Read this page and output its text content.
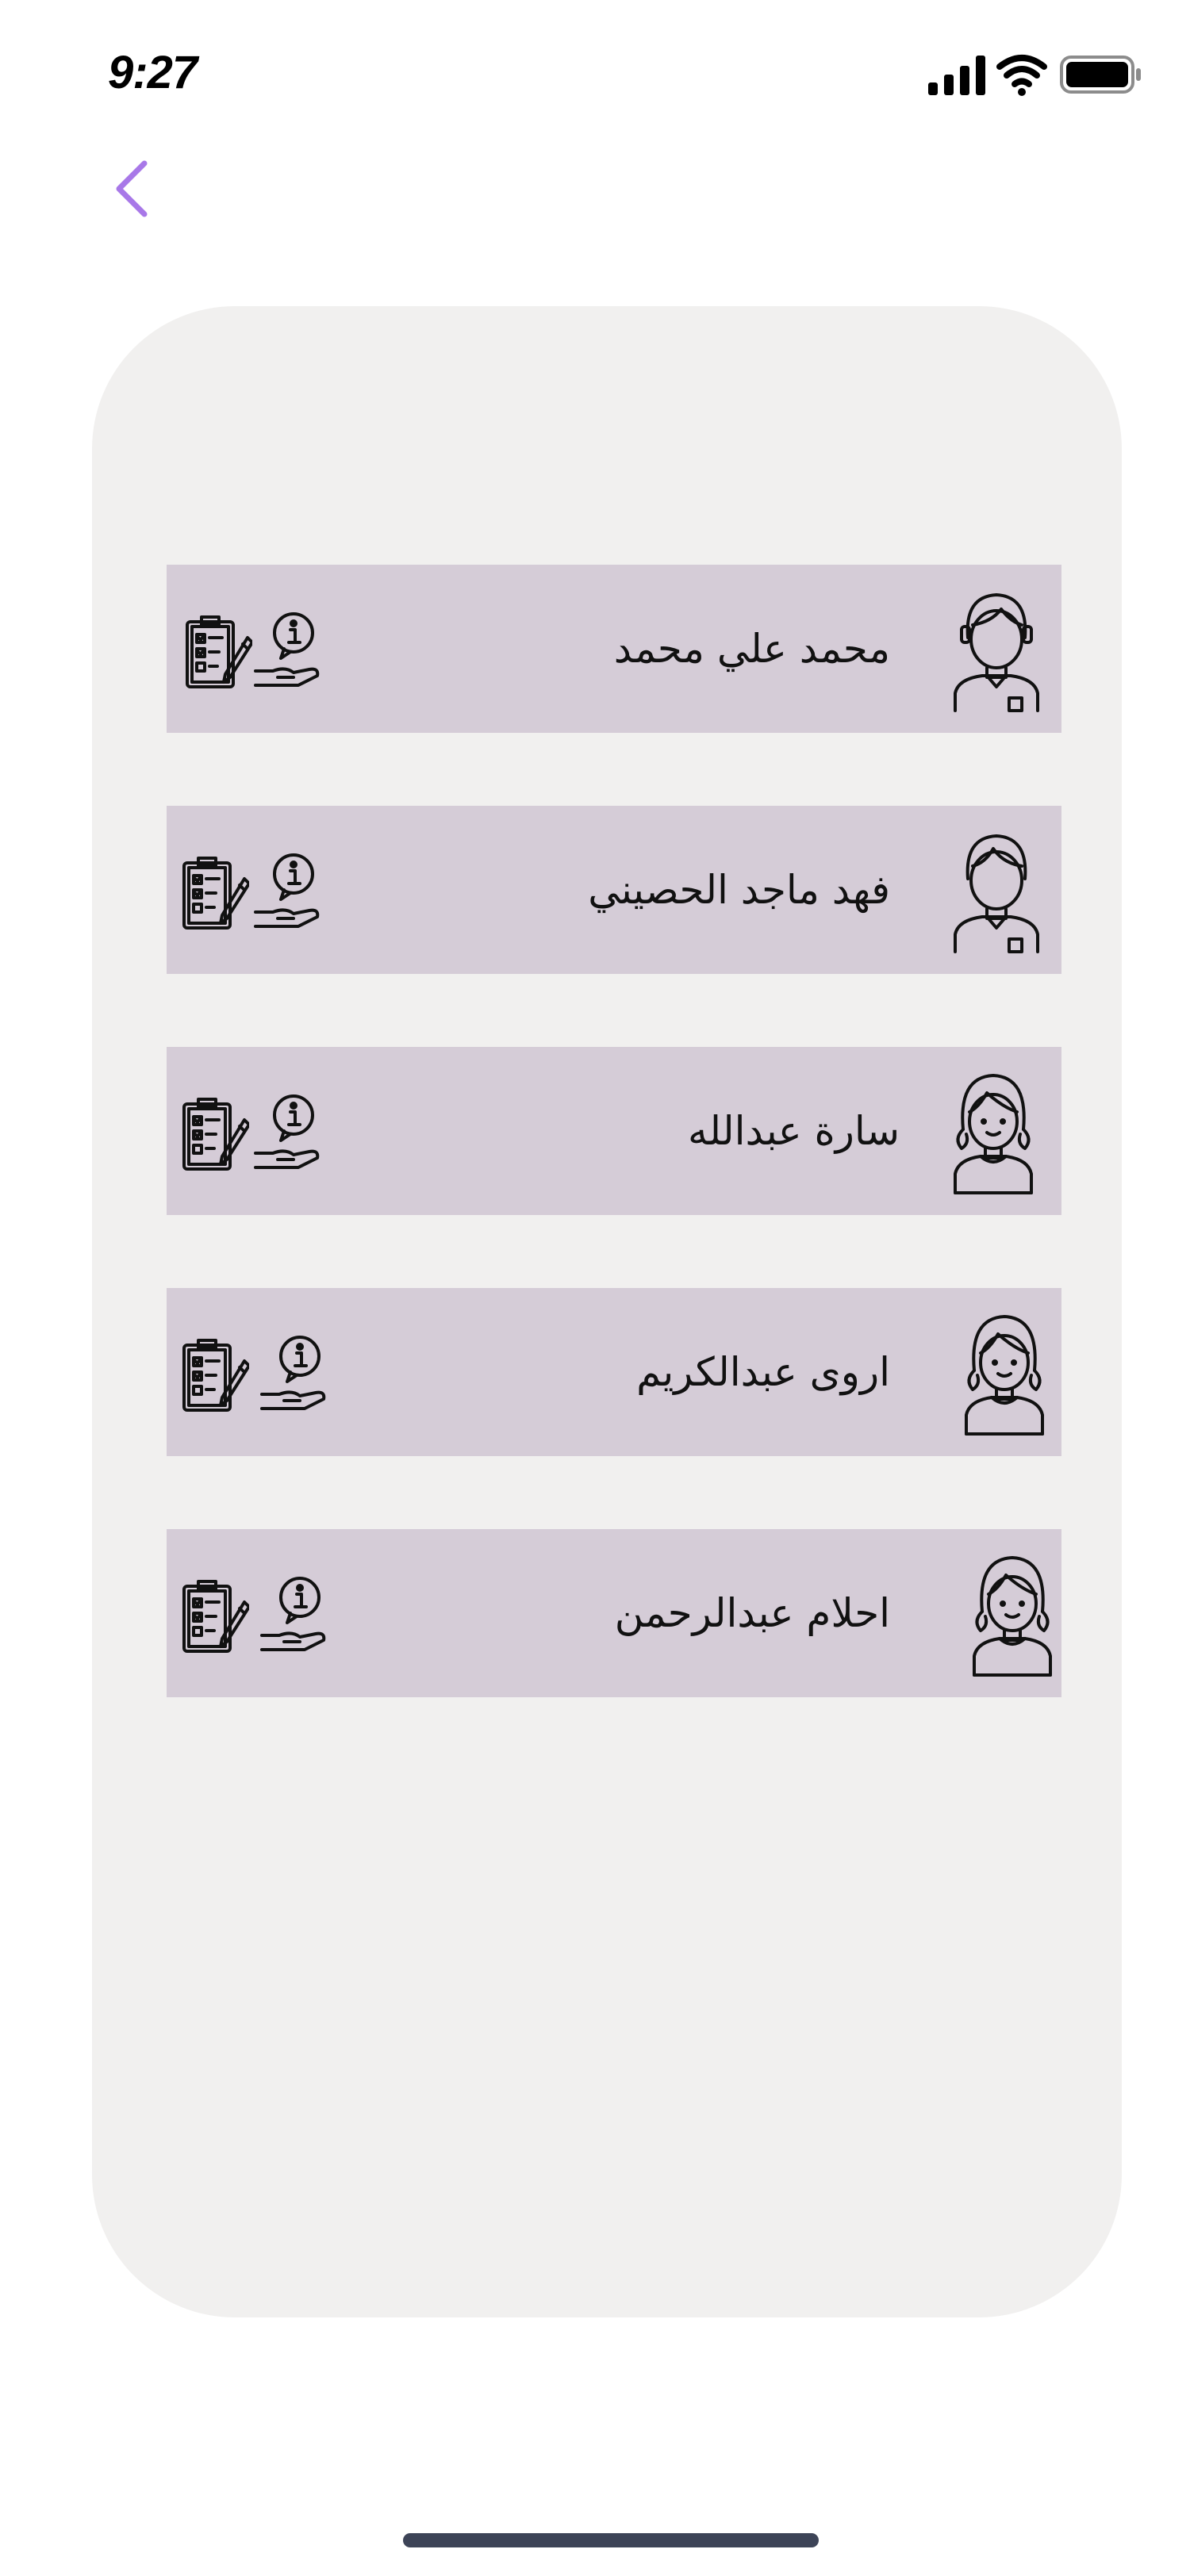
9:27
محمد علي محمد
فهد ماجد الحصيني
سارة عبدالله
اروى عبدالكريم
احلام عبدالرحمن
